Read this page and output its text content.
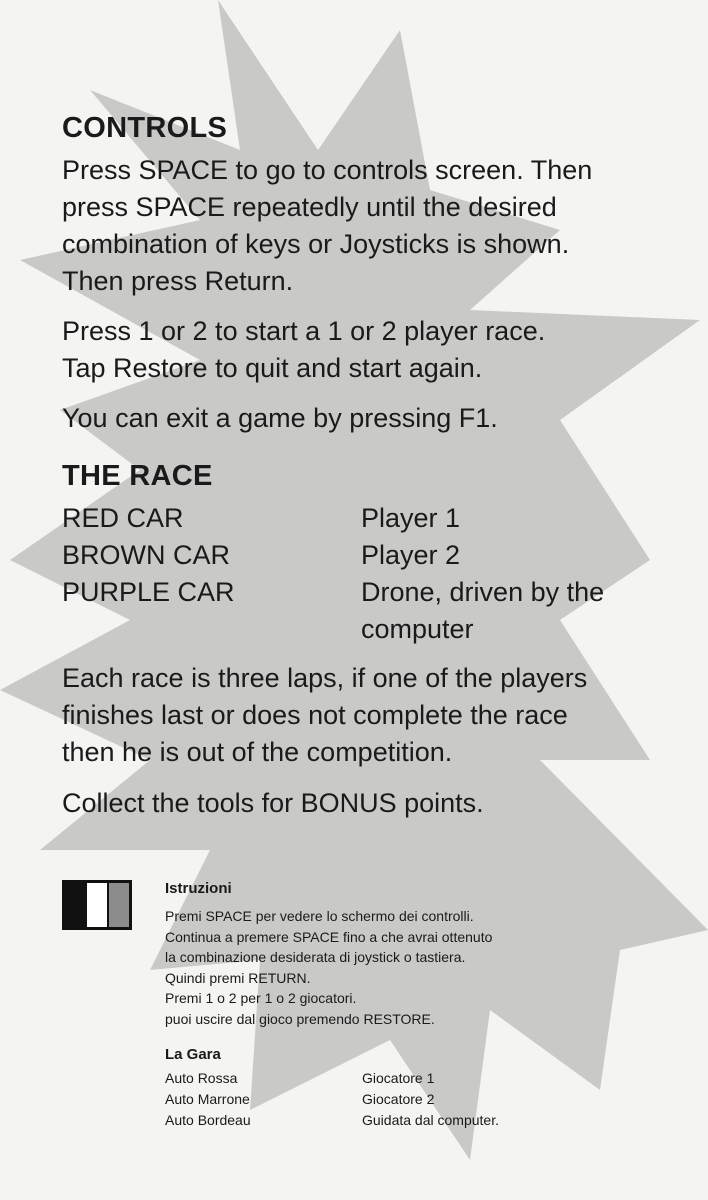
CONTROLS

Press SPACE to go to controls screen. Then
press SPACE repeatedly until the desired
combination of keys or Joysticks is shown.
Then press Return.

Press 1 or 2 to start a 1 or 2 player race.
Tap Restore to quit and start again.

You can exit a game by pressing F1.

THE RACE
RED CAR	Player 1
BROWN CAR	Player 2
PURPLE CAR	Drone, driven by the
computer

Each race is three laps, if one of the players
finishes last or does not complete the race
then he is out of the competition.

Collect the tools for BONUS points.

Istruzioni

Premi SPACE per vedere lo schermo dei controlli.
Continua a premere SPACE fino a che avrai ottenuto
la combinazione desiderata di joystick o tastiera.
Quindi premi RETURN.
Premi 1 o 2 per 1 o 2 giocatori.
puoi uscire dal gioco premendo RESTORE.

La Gara
Auto Rossa	Giocatore 1
Auto Marrone	Giocatore 2
Auto Bordeau	Guidata dal computer.
